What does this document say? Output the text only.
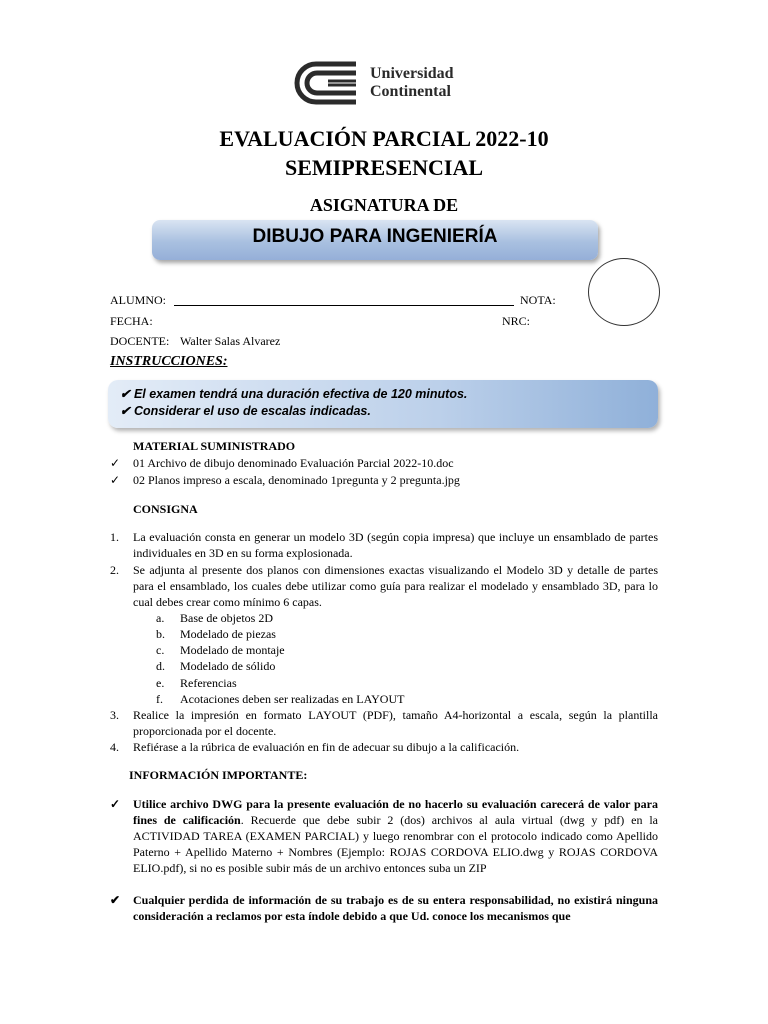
Universidad
Continental
EVALUACIÓN PARCIAL 2022-10
SEMIPRESENCIAL
ASIGNATURA DE
DIBUJO PARA INGENIERÍA
ALUMNO:	NOTA:
FECHA:	NRC:
DOCENTE: Walter Salas Alvarez
INSTRUCCIONES:
✔ El examen tendrá una duración efectiva de 120 minutos.
✔ Considerar el uso de escalas indicadas.
MATERIAL SUMINISTRADO
✓ 01 Archivo de dibujo denominado Evaluación Parcial 2022-10.doc
✓ 02 Planos impreso a escala, denominado 1pregunta y 2 pregunta.jpg
CONSIGNA
1. La evaluación consta en generar un modelo 3D (según copia impresa) que incluye un ensamblado de partes individuales en 3D en su forma explosionada.
2. Se adjunta al presente dos planos con dimensiones exactas visualizando el Modelo 3D y detalle de partes para el ensamblado, los cuales debe utilizar como guía para realizar el modelado y ensamblado 3D, para lo cual debes crear como mínimo 6 capas.
a. Base de objetos 2D
b. Modelado de piezas
c. Modelado de montaje
d. Modelado de sólido
e. Referencias
f. Acotaciones deben ser realizadas en LAYOUT
3. Realice la impresión en formato LAYOUT (PDF), tamaño A4-horizontal a escala, según la plantilla proporcionada por el docente.
4. Refiérase a la rúbrica de evaluación en fin de adecuar su dibujo a la calificación.
INFORMACIÓN IMPORTANTE:
✓ Utilice archivo DWG para la presente evaluación de no hacerlo su evaluación carecerá de valor para fines de calificación. Recuerde que debe subir 2 (dos) archivos al aula virtual (dwg y pdf) en la ACTIVIDAD TAREA (EXAMEN PARCIAL) y luego renombrar con el protocolo indicado como Apellido Paterno + Apellido Materno + Nombres (Ejemplo: ROJAS CORDOVA ELIO.dwg y ROJAS CORDOVA ELIO.pdf), si no es posible subir más de un archivo entonces suba un ZIP
✔ Cualquier perdida de información de su trabajo es de su entera responsabilidad, no existirá ninguna consideración a reclamos por esta índole debido a que Ud. conoce los mecanismos que
